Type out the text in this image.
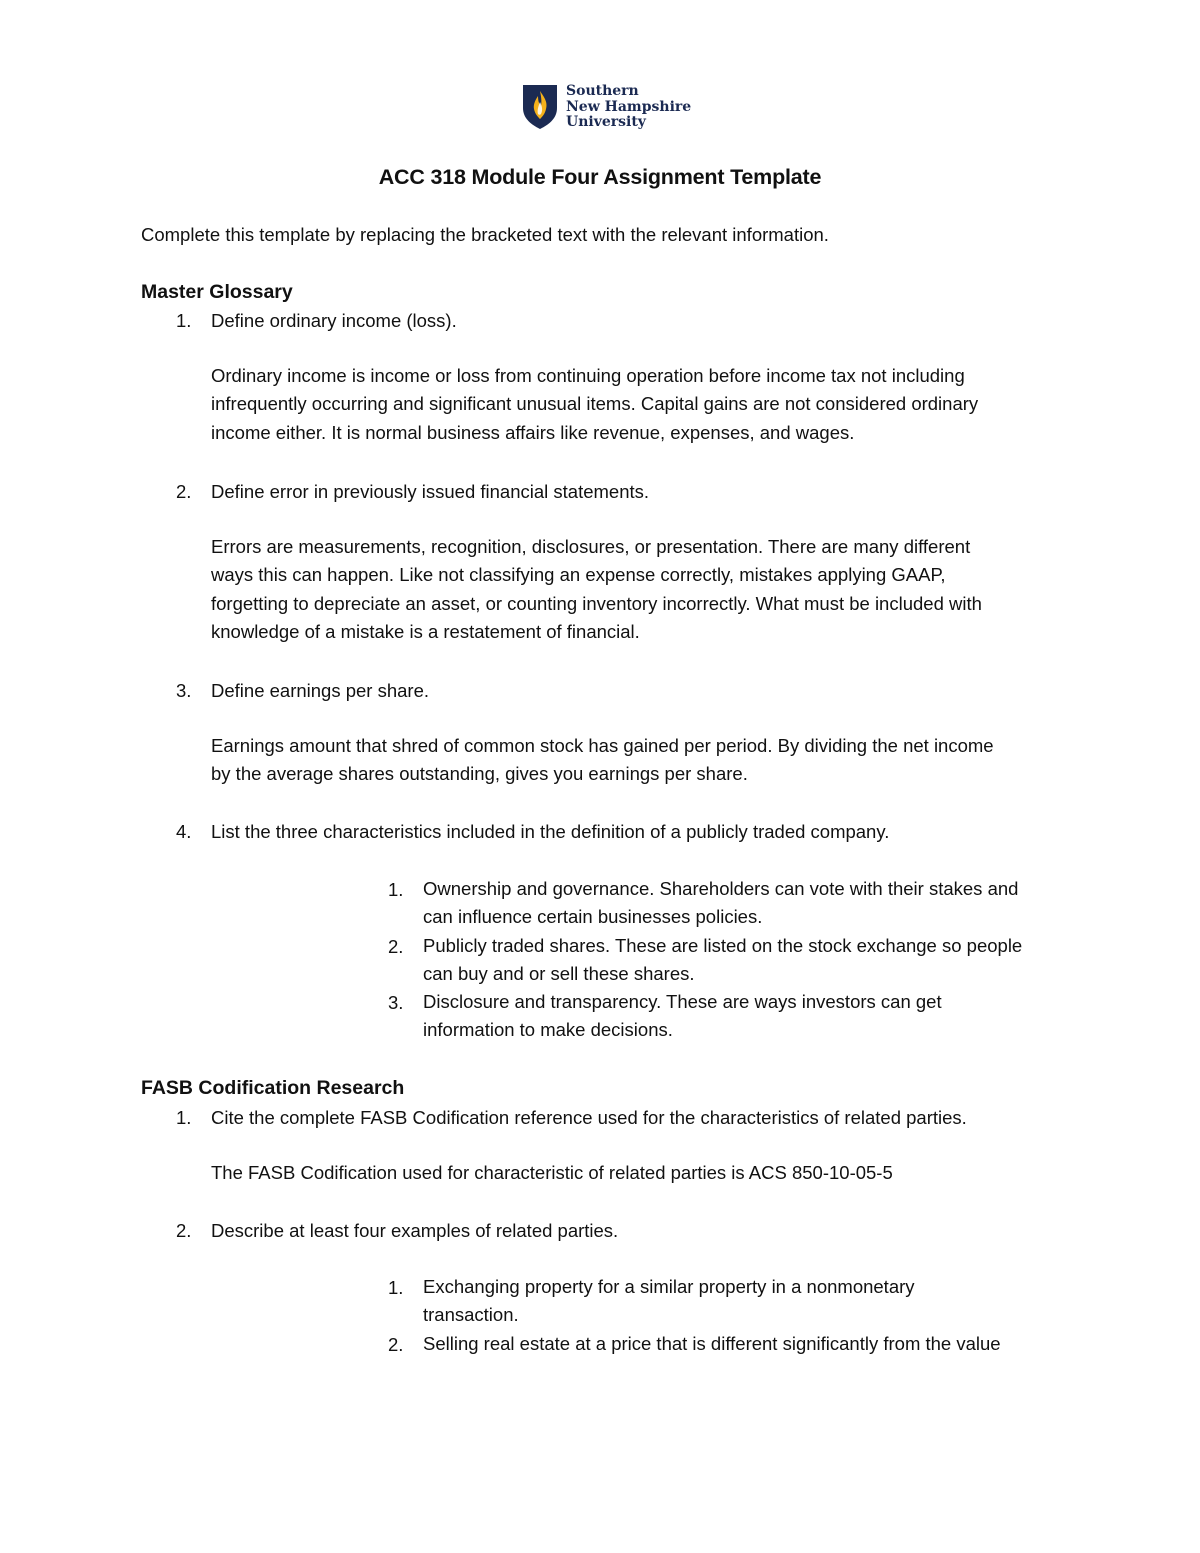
Southern
New Hampshire
University
ACC 318 Module Four Assignment Template
Complete this template by replacing the bracketed text with the relevant information.
Master Glossary
1. Define ordinary income (loss).
Ordinary income is income or loss from continuing operation before income tax not including
infrequently occurring and significant unusual items. Capital gains are not considered ordinary
income either. It is normal business affairs like revenue, expenses, and wages.
2. Define error in previously issued financial statements.
Errors are measurements, recognition, disclosures, or presentation. There are many different
ways this can happen. Like not classifying an expense correctly, mistakes applying GAAP,
forgetting to depreciate an asset, or counting inventory incorrectly. What must be included with
knowledge of a mistake is a restatement of financial.
3. Define earnings per share.
Earnings amount that shred of common stock has gained per period. By dividing the net income
by the average shares outstanding, gives you earnings per share.
4. List the three characteristics included in the definition of a publicly traded company.
1. Ownership and governance. Shareholders can vote with their stakes and
can influence certain businesses policies.
2. Publicly traded shares. These are listed on the stock exchange so people
can buy and or sell these shares.
3. Disclosure and transparency. These are ways investors can get
information to make decisions.
FASB Codification Research
1. Cite the complete FASB Codification reference used for the characteristics of related parties.
The FASB Codification used for characteristic of related parties is ACS 850-10-05-5
2. Describe at least four examples of related parties.
1. Exchanging property for a similar property in a nonmonetary
transaction.
2. Selling real estate at a price that is different significantly from the value
